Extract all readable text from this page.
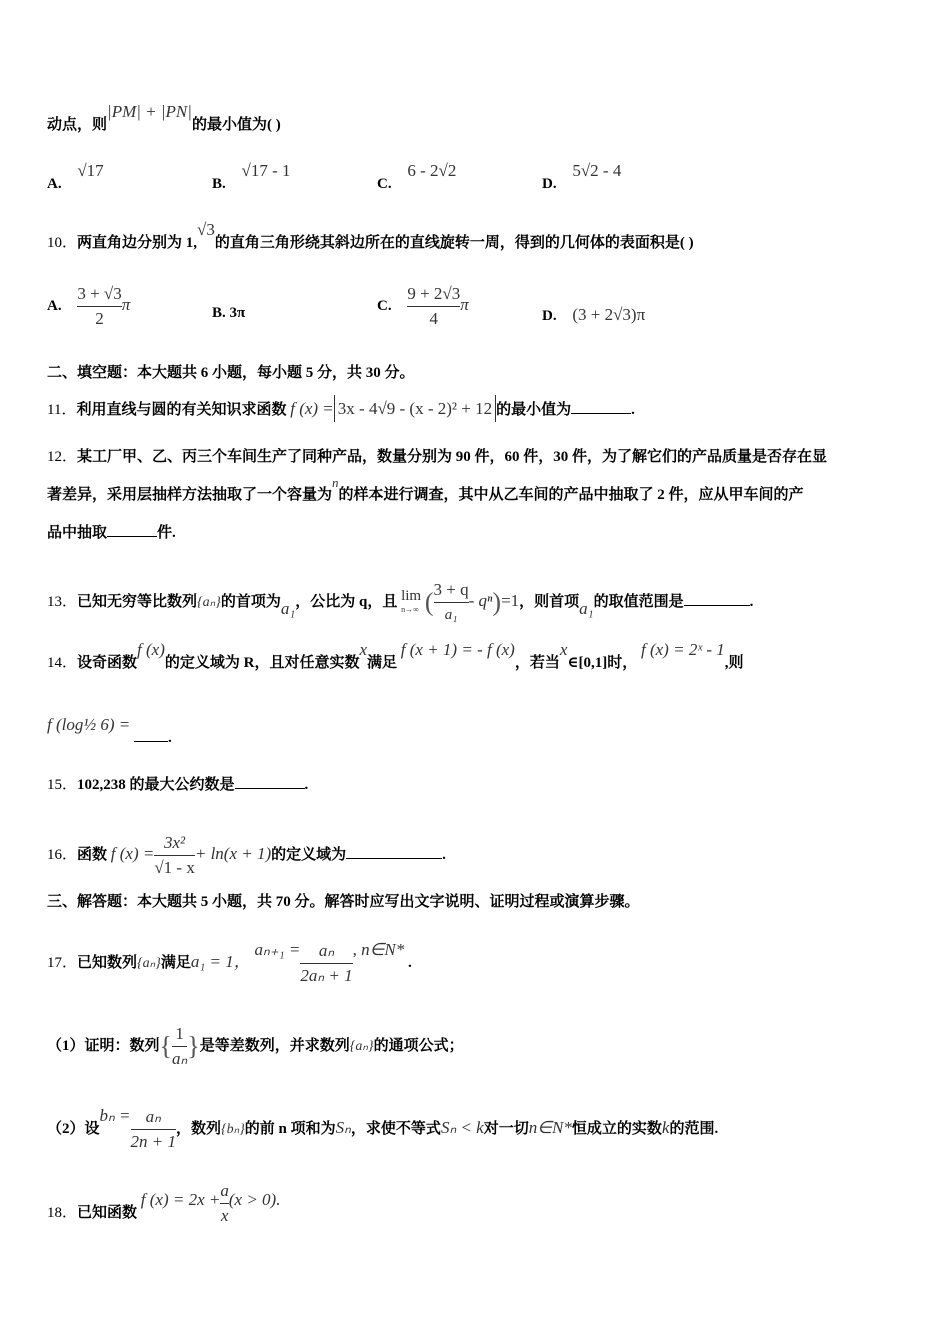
动点，则|PM| + |PN|的最小值为( )
A. √17
B. √17 - 1
C. 6 - 2√2
D. 5√2 - 4
10．两直角边分别为 1,√3的直角三角形绕其斜边所在的直线旋转一周，得到的几何体的表面积是( )
A. $\frac{3 + √3}{2}$ π	B. 3π	C. $\frac{9 + 2√3}{4}$ π
D. (3 + 2√3)π
二、填空题：本大题共 6 小题，每小题 5 分，共 30 分。
11．利用直线与圆的有关知识求函数 f (x) = 3x - 4√9 - (x - 2)² + 12 的最小值为	.
12．某工厂甲、乙、丙三个车间生产了同种产品，数量分别为 90 件，60 件，30 件，为了解它们的产品质量是否存在显
著差异，采用层抽样方法抽取了一个容量为n的样本进行调查，其中从乙车间的产品中抽取了 2 件，应从甲车间的产
品中抽取	件.
13．已知无穷等比数列{aₙ}的首项为a₁，公比为 q，且 lim
n→∞ ( $\frac{3 + q}{\text{a₁}} - q^n)=1$，则首项a₁的取值范围是	.
14．设奇函数f (x)的定义域为 R，且对任意实数x满足 f (x + 1) = - f (x)，若当x∈[0,1]时， f (x) = 2ˣ - 1,则
f (log½ 6) = .
15．102,238 的最大公约数是	.
16．函数 f $(x) = \frac{\text{3x²}}{√1 - x} + \ln(x + 1)$的定义域为	.
三、解答题：本大题共 5 小题，共 70 分。解答时应写出文字说明、证明过程或演算步骤。
17．已知数列{aₙ}满足a₁ = 1， $a_{n+1} = \frac{\text{aₙ}}{\text{2aₙ + 1}}$ , n∈N* .
（1）证明：数列{ $\frac{1}{\text{aₙ}}$ }是等差数列，并求数列{aₙ}的通项公式；
（2）设$b_n = \frac{\text{aₙ}}{2n + 1}$ ，数列{bₙ}的前 n 项和为Sₙ，求使不等式Sₙ < k对一切n∈N*恒成立的实数k的范围.
18．已知函数 f $(x) = 2x + \frac{a}{x} (x > 0)$.
